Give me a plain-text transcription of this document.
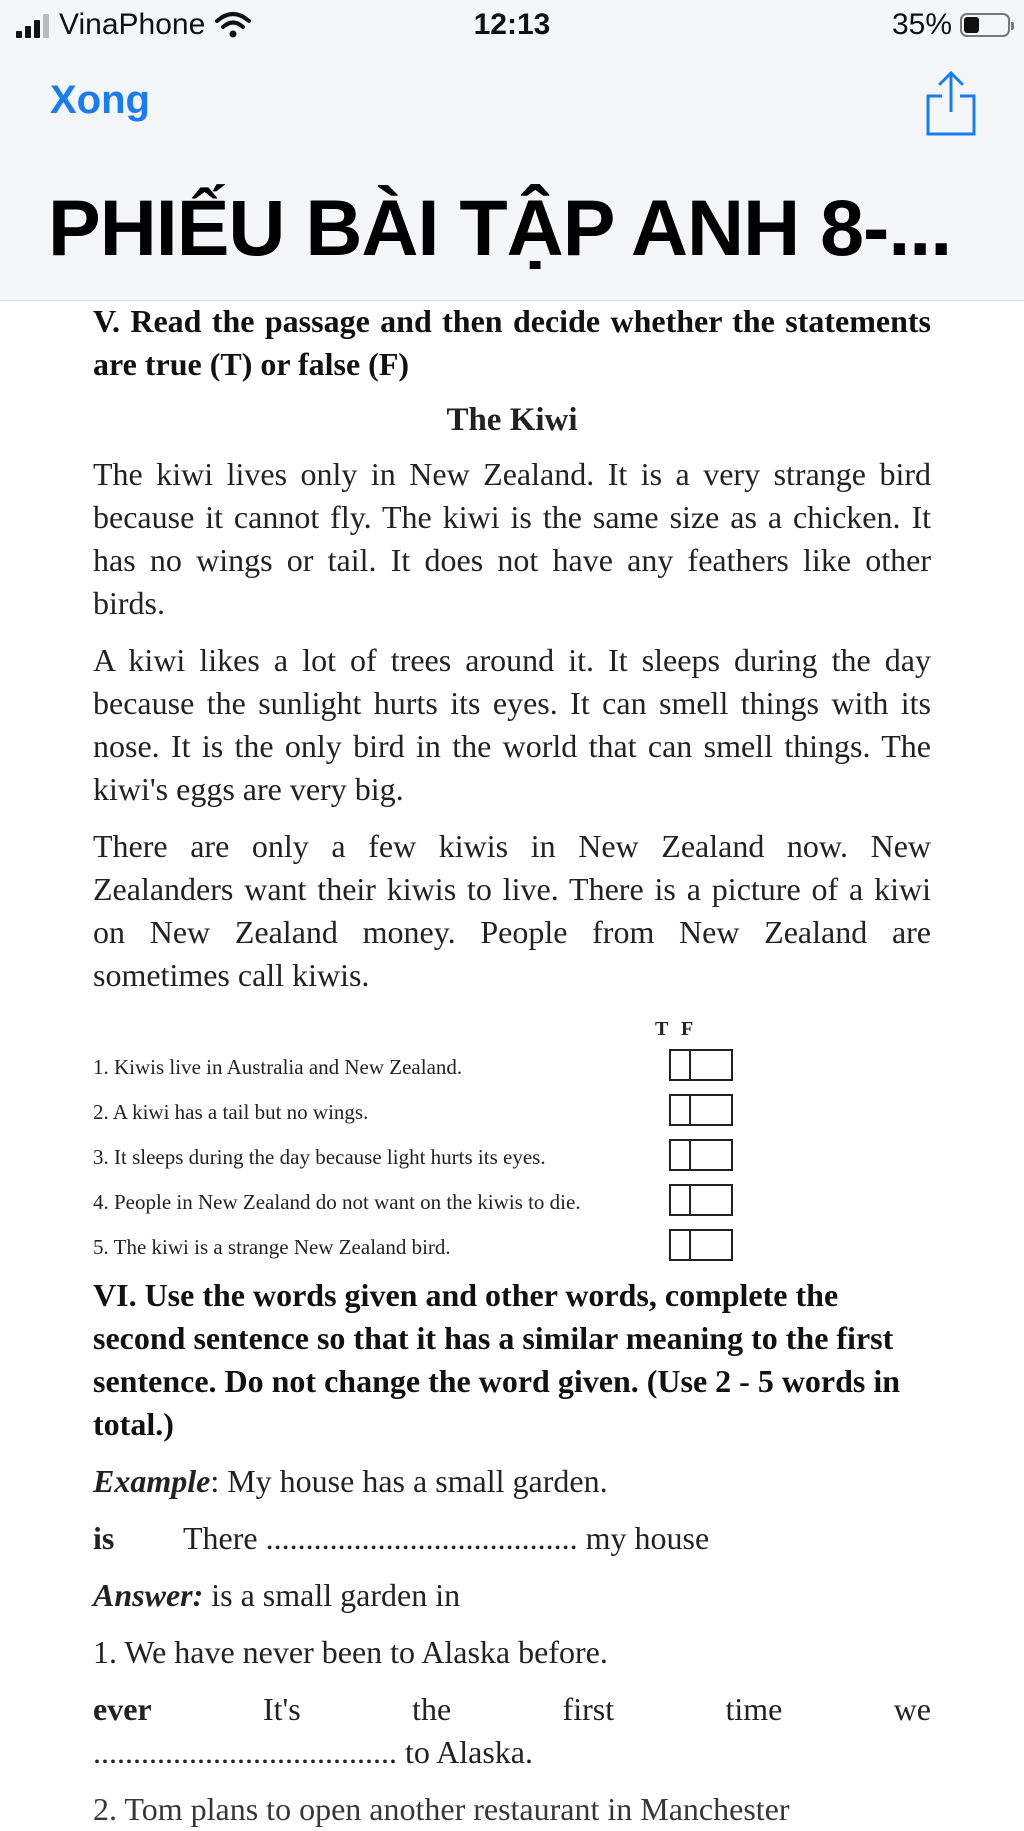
VinaPhone	12:13	35%
Xong
PHIẾU BÀI TẬP ANH 8-...

V. Read the passage and then decide whether the statements are true (T) or false (F)

The Kiwi

The kiwi lives only in New Zealand. It is a very strange bird because it cannot fly. The kiwi is the same size as a chicken. It has no wings or tail. It does not have any feathers like other birds.

A kiwi likes a lot of trees around it. It sleeps during the day because the sunlight hurts its eyes. It can smell things with its nose. It is the only bird in the world that can smell things. The kiwi's eggs are very big.

There are only a few kiwis in New Zealand now. New Zealanders want their kiwis to live. There is a picture of a kiwi on New Zealand money. People from New Zealand are sometimes call kiwis.

T F
1. Kiwis live in Australia and New Zealand.
2. A kiwi has a tail but no wings.
3. It sleeps during the day because light hurts its eyes.
4. People in New Zealand do not want on the kiwis to die.
5. The kiwi is a strange New Zealand bird.

VI. Use the words given and other words, complete the second sentence so that it has a similar meaning to the first sentence. Do not change the word given. (Use 2 - 5 words in total.)

Example: My house has a small garden.

is	There ....................................... my house

Answer: is a small garden in

1. We have never been to Alaska before.

ever	It's	the	first	time	we

...................................... to Alaska.

2. Tom plans to open another restaurant in Manchester
